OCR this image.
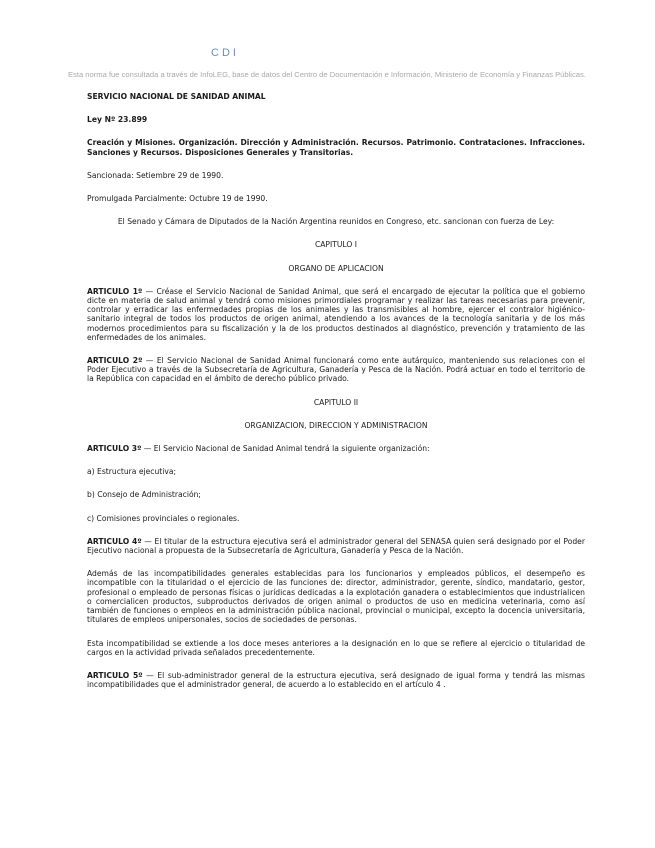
CDI
Esta norma fue consultada a través de InfoLEG, base de datos del Centro de Documentación e Información, Ministerio de Economía y Finanzas Públicas.

SERVICIO NACIONAL DE SANIDAD ANIMAL

Ley Nº 23.899

Creación y Misiones. Organización. Dirección y Administración. Recursos. Patrimonio. Contrataciones. Infracciones. Sanciones y Recursos. Disposiciones Generales y Transitorias.

Sancionada: Setiembre 29 de 1990.

Promulgada Parcialmente: Octubre 19 de 1990.

El Senado y Cámara de Diputados de la Nación Argentina reunidos en Congreso, etc. sancionan con fuerza de Ley:

CAPITULO I

ORGANO DE APLICACION

ARTICULO 1º — Créase el Servicio Nacional de Sanidad Animal, que será el encargado de ejecutar la política que el gobierno dicte en materia de salud animal y tendrá como misiones primordiales programar y realizar las tareas necesarias para prevenir, controlar y erradicar las enfermedades propias de los animales y las transmisibles al hombre, ejercer el contralor higiénico-sanitario integral de todos los productos de origen animal, atendiendo a los avances de la tecnología sanitaria y de los más modernos procedimientos para su fiscalización y la de los productos destinados al diagnóstico, prevención y tratamiento de las enfermedades de los animales.

ARTICULO 2º — El Servicio Nacional de Sanidad Animal funcionará como ente autárquico, manteniendo sus relaciones con el Poder Ejecutivo a través de la Subsecretaría de Agricultura, Ganadería y Pesca de la Nación. Podrá actuar en todo el territorio de la República con capacidad en el ámbito de derecho público privado.

CAPITULO II

ORGANIZACION, DIRECCION Y ADMINISTRACION

ARTICULO 3º — El Servicio Nacional de Sanidad Animal tendrá la siguiente organización:

a) Estructura ejecutiva;

b) Consejo de Administración;

c) Comisiones provinciales o regionales.

ARTICULO 4º — El titular de la estructura ejecutiva será el administrador general del SENASA quien será designado por el Poder Ejecutivo nacional a propuesta de la Subsecretaría de Agricultura, Ganadería y Pesca de la Nación.

Además de las incompatibilidades generales establecidas para los funcionarios y empleados públicos, el desempeño es incompatible con la titularidad o el ejercicio de las funciones de: director, administrador, gerente, síndico, mandatario, gestor, profesional o empleado de personas físicas o jurídicas dedicadas a la explotación ganadera o establecimientos que industrialicen o comercialicen productos, subproductos derivados de origen animal o productos de uso en medicina veterinaria, como así también de funciones o empleos en la administración pública nacional, provincial o municipal, excepto la docencia universitaria, titulares de empleos unipersonales, socios de sociedades de personas.

Esta incompatibilidad se extiende a los doce meses anteriores a la designación en lo que se refiere al ejercicio o titularidad de cargos en la actividad privada señalados precedentemente.

ARTICULO 5º — El sub-administrador general de la estructura ejecutiva, será designado de igual forma y tendrá las mismas incompatibilidades que el administrador general, de acuerdo a lo establecido en el artículo 4 .
